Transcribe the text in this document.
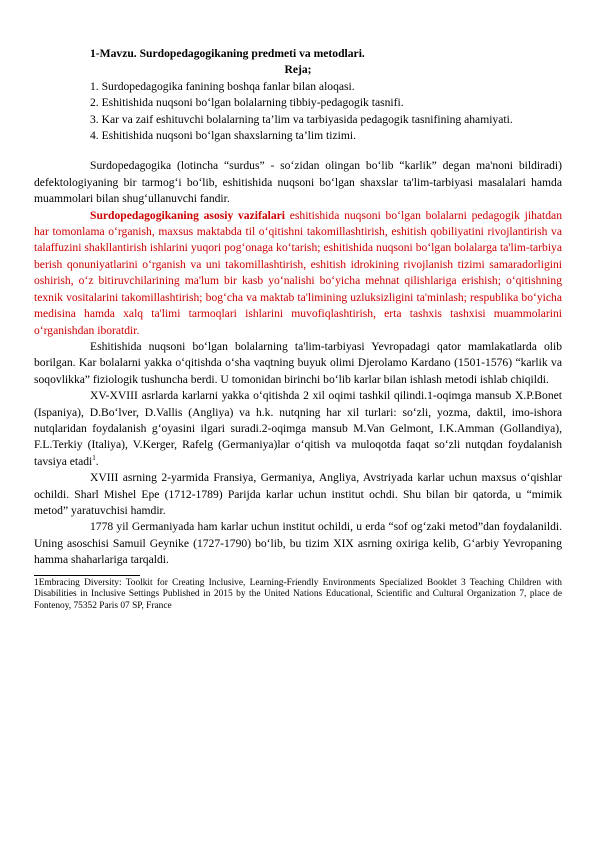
1-Mavzu. Surdopedagogikaning predmeti va metodlari.

Reja;

1. Surdopedagogika fanining boshqa fanlar bilan aloqasi.

2. Eshitishida nuqsoni bo‘lgan bolalarning tibbiy-pedagogik tasnifi.

3. Kar va zaif eshituvchi bolalarning ta’lim va tarbiyasida pedagogik tasnifining ahamiyati.

4. Eshitishida nuqsoni bo‘lgan shaxslarning ta’lim tizimi.

Surdopedagogika (lotincha “surdus” - so‘zidan olingan bo‘lib “karlik” degan ma'noni bildiradi) defektologiyaning bir tarmog‘i bo‘lib, eshitishida nuqsoni bo‘lgan shaxslar ta'lim-tarbiyasi masalalari hamda muammolari bilan shug‘ullanuvchi fandir.

Surdopedagogikaning asosiy vazifalari eshitishida nuqsoni bo‘lgan bolalarni pedagogik jihatdan har tomonlama o‘rganish, maxsus maktabda til o‘qitishni takomillashtirish, eshitish qobiliyatini rivojlantirish va talaffuzini shakllantirish ishlarini yuqori pog‘onaga ko‘tarish; eshitishida nuqsoni bo‘lgan bolalarga ta'lim-tarbiya berish qonuniyatlarini o‘rganish va uni takomillashtirish, eshitish idrokining rivojlanish tizimi samaradorligini oshirish, o‘z bitiruvchilarining ma'lum bir kasb yo‘nalishi bo‘yicha mehnat qilishlariga erishish; o‘qitishning texnik vositalarini takomillashtirish; bog‘cha va maktab ta'limining uzluksizligini ta'minlash; respublika bo‘yicha medisina hamda xalq ta'limi tarmoqlari ishlarini muvofiqlashtirish, erta tashxis tashxisi muammolarini o‘rganishdan iboratdir.

Eshitishida nuqsoni bo‘lgan bolalarning ta'lim-tarbiyasi Yevropadagi qator mamlakatlarda olib borilgan. Kar bolalarni yakka o‘qitishda o‘sha vaqtning buyuk olimi Djerolamo Kardano (1501-1576) “karlik va soqovlikka” fiziologik tushuncha berdi. U tomonidan birinchi bo‘lib karlar bilan ishlash metodi ishlab chiqildi.

XV-XVIII asrlarda karlarni yakka o‘qitishda 2 xil oqimi tashkil qilindi.1-oqimga mansub X.P.Bonet (Ispaniya), D.Bo‘lver, D.Vallis (Angliya) va h.k. nutqning har xil turlari: so‘zli, yozma, daktil, imo-ishora nutqlaridan foydalanish g‘oyasini ilgari suradi.2-oqimga mansub M.Van Gelmont, I.K.Amman (Gollandiya), F.L.Terkiy (Italiya), V.Kerger, Rafelg (Germaniya)lar o‘qitish va muloqotda faqat so‘zli nutqdan foydalanish tavsiya etadi$^1$.

XVIII asrning 2-yarmida Fransiya, Germaniya, Angliya, Avstriyada karlar uchun maxsus o‘qishlar ochildi. Sharl Mishel Epe (1712-1789) Parijda karlar uchun institut ochdi. Shu bilan bir qatorda, u “mimik metod” yaratuvchisi hamdir.

1778 yil Germaniyada ham karlar uchun institut ochildi, u erda “sof og‘zaki metod”dan foydalanildi. Uning asoschisi Samuil Geynike (1727-1790) bo‘lib, bu tizim XIX asrning oxiriga kelib, G‘arbiy Yevropaning hamma shaharlariga tarqaldi.

1Embracing Diversity: Toolkit for Creating Inclusive, Learning-Friendly Environments Specialized Booklet 3 Teaching Children with Disabilities in Inclusive Settings Published in 2015 by the United Nations Educational, Scientific and Cultural Organization 7, place de Fontenoy, 75352 Paris 07 SP, France
